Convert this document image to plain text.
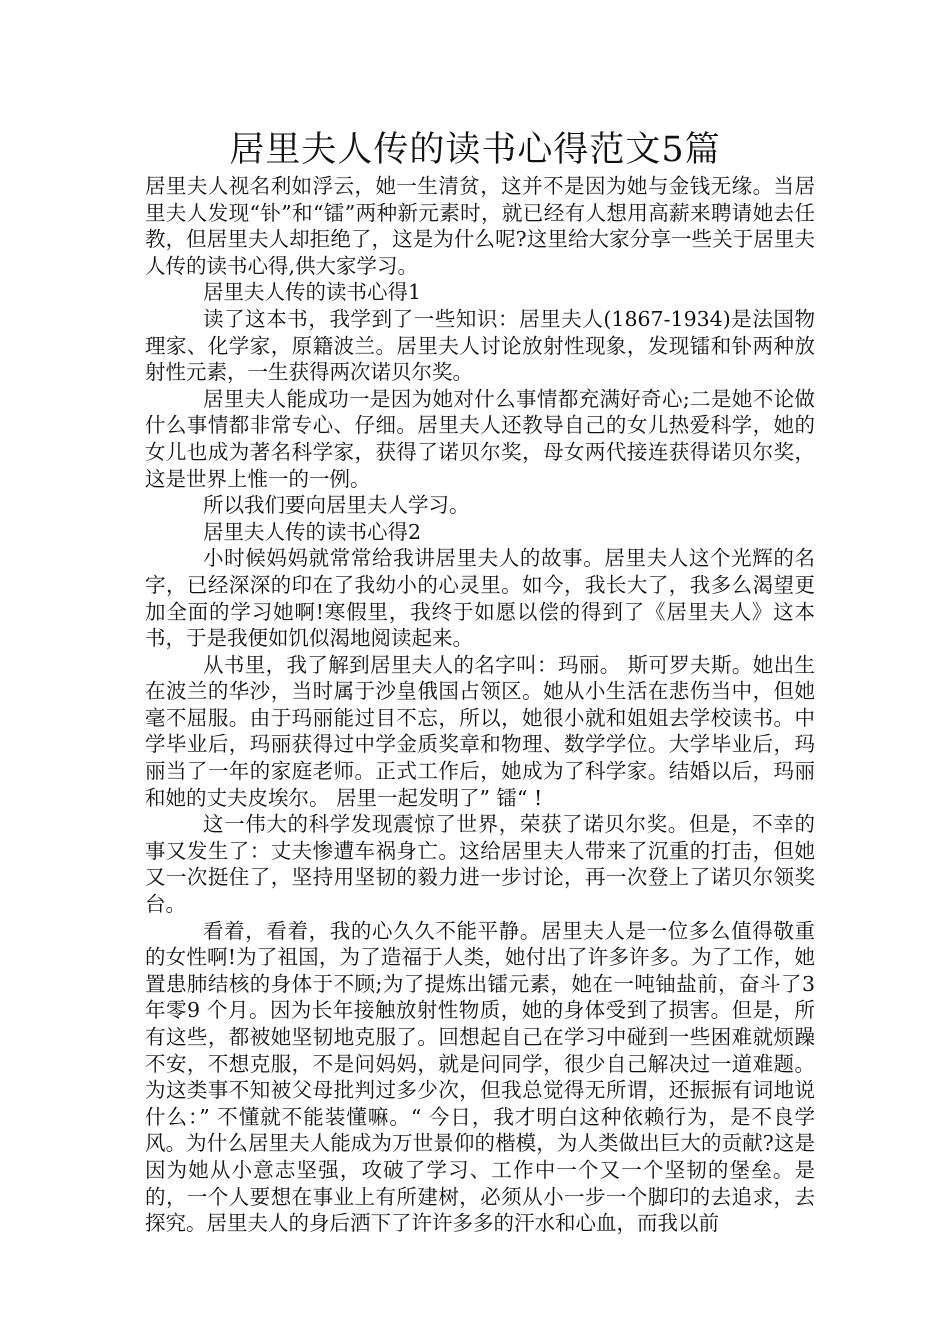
居里夫人传的读书心得范文5篇

居里夫人视名利如浮云，她一生清贫，这并不是因为她与金钱无缘。当居里夫人发现“钋”和“镭”两种新元素时，就已经有人想用高薪来聘请她去任教，但居里夫人却拒绝了，这是为什么呢?这里给大家分享一些关于居里夫人传的读书心得,供大家学习。

居里夫人传的读书心得1

读了这本书，我学到了一些知识：居里夫人(1867-1934)是法国物理家、化学家，原籍波兰。居里夫人讨论放射性现象，发现镭和钋两种放射性元素，一生获得两次诺贝尔奖。

居里夫人能成功一是因为她对什么事情都充满好奇心;二是她不论做什么事情都非常专心、仔细。居里夫人还教导自己的女儿热爱科学，她的女儿也成为著名科学家，获得了诺贝尔奖，母女两代接连获得诺贝尔奖，这是世界上惟一的一例。

所以我们要向居里夫人学习。

居里夫人传的读书心得2

小时候妈妈就常常给我讲居里夫人的故事。居里夫人这个光辉的名字，已经深深的印在了我幼小的心灵里。如今，我长大了，我多么渴望更加全面的学习她啊!寒假里，我终于如愿以偿的得到了《居里夫人》这本书，于是我便如饥似渴地阅读起来。

从书里，我了解到居里夫人的名字叫：玛丽。 斯可罗夫斯。她出生在波兰的华沙，当时属于沙皇俄国占领区。她从小生活在悲伤当中，但她毫不屈服。由于玛丽能过目不忘，所以，她很小就和姐姐去学校读书。中学毕业后，玛丽获得过中学金质奖章和物理、数学学位。大学毕业后，玛丽当了一年的家庭老师。正式工作后，她成为了科学家。结婚以后，玛丽和她的丈夫皮埃尔。 居里一起发明了” 镭“ !

这一伟大的科学发现震惊了世界，荣获了诺贝尔奖。但是，不幸的事又发生了：丈夫惨遭车祸身亡。这给居里夫人带来了沉重的打击，但她又一次挺住了，坚持用坚韧的毅力进一步讨论，再一次登上了诺贝尔领奖台。

看着，看着，我的心久久不能平静。居里夫人是一位多么值得敬重的女性啊!为了祖国，为了造福于人类，她付出了许多许多。为了工作，她置患肺结核的身体于不顾;为了提炼出镭元素，她在一吨铀盐前，奋斗了3 年零9 个月。因为长年接触放射性物质，她的身体受到了损害。但是，所有这些，都被她坚韧地克服了。回想起自己在学习中碰到一些困难就烦躁不安，不想克服，不是问妈妈，就是问同学，很少自己解决过一道难题。为这类事不知被父母批判过多少次，但我总觉得无所谓，还振振有词地说什么：” 不懂就不能装懂嘛。“ 今日，我才明白这种依赖行为，是不良学风。为什么居里夫人能成为万世景仰的楷模，为人类做出巨大的贡献?这是因为她从小意志坚强，攻破了学习、工作中一个又一个坚韧的堡垒。是的，一个人要想在事业上有所建树，必须从小一步一个脚印的去追求，去探究。居里夫人的身后洒下了许许多多的汗水和心血，而我以前
